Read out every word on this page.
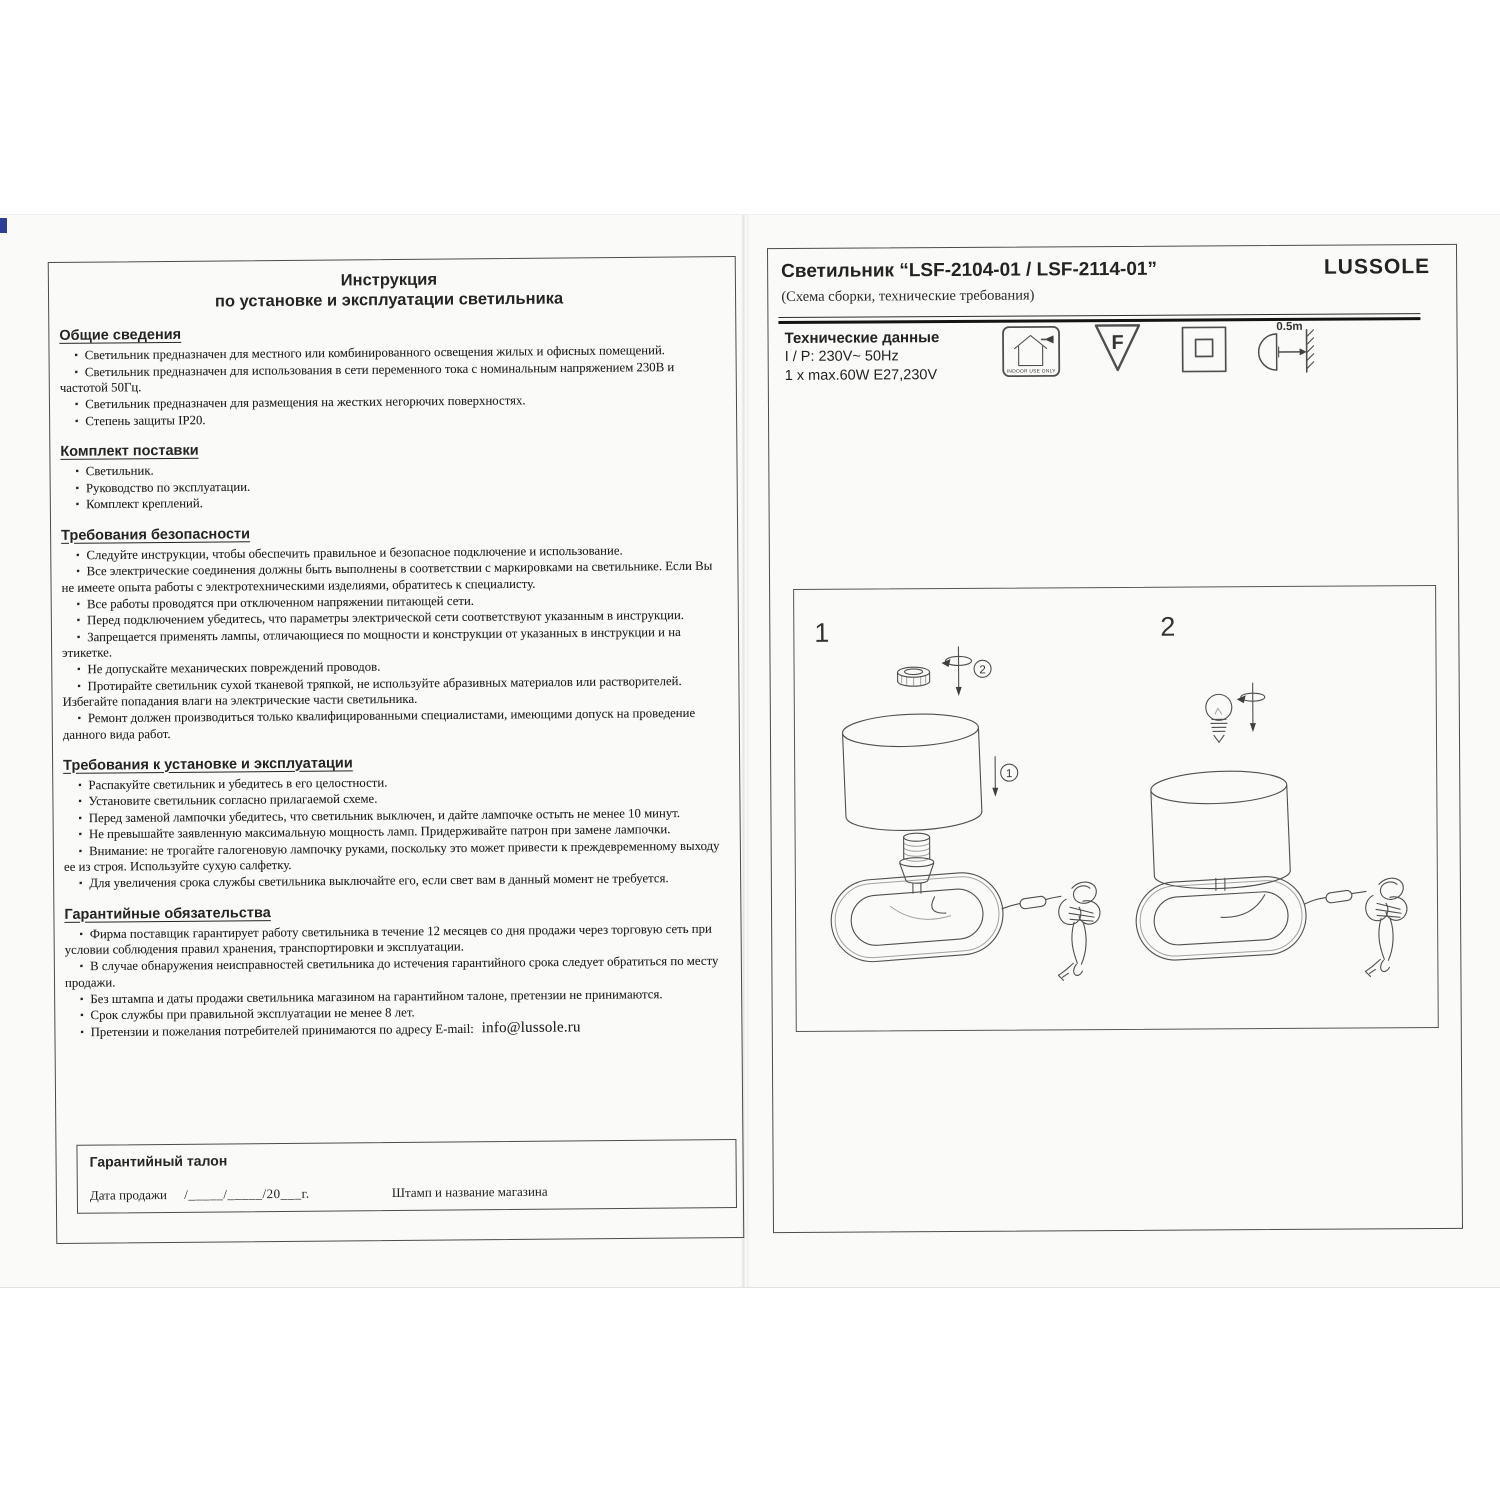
Инструкция
по установке и эксплуатации светильника
Общие сведения
▪ Светильник предназначен для местного или комбинированного освещения жилых и офисных помещений.
▪ Светильник предназначен для использования в сети переменного тока с номинальным напряжением 230В и частотой 50Гц.
▪ Светильник предназначен для размещения на жестких негорючих поверхностях.
▪ Степень защиты IP20.
Комплект поставки
▪ Светильник.
▪ Руководство по эксплуатации.
▪ Комплект креплений.
Требования безопасности
▪ Следуйте инструкции, чтобы обеспечить правильное и безопасное подключение и использование.
▪ Все электрические соединения должны быть выполнены в соответствии с маркировками на светильнике. Если Вы не имеете опыта работы с электротехническими изделиями, обратитесь к специалисту.
▪ Все работы проводятся при отключенном напряжении питающей сети.
▪ Перед подключением убедитесь, что параметры электрической сети соответствуют указанным в инструкции.
▪ Запрещается применять лампы, отличающиеся по мощности и конструкции от указанных в инструкции и на этикетке.
▪ Не допускайте механических повреждений проводов.
▪ Протирайте светильник сухой тканевой тряпкой, не используйте абразивных материалов или растворителей. Избегайте попадания влаги на электрические части светильника.
▪ Ремонт должен производиться только квалифицированными специалистами, имеющими допуск на проведение данного вида работ.
Требования к установке и эксплуатации
▪ Распакуйте светильник и убедитесь в его целостности.
▪ Установите светильник согласно прилагаемой схеме.
▪ Перед заменой лампочки убедитесь, что светильник выключен, и дайте лампочке остыть не менее 10 минут.
▪ Не превышайте заявленную максимальную мощность ламп. Придерживайте патрон при замене лампочки.
▪ Внимание: не трогайте галогеновую лампочку руками, поскольку это может привести к преждевременному выходу ее из строя. Используйте сухую салфетку.
▪ Для увеличения срока службы светильника выключайте его, если свет вам в данный момент не требуется.
Гарантийные обязательства
▪ Фирма поставщик гарантирует работу светильника в течение 12 месяцев со дня продажи через торговую сеть при условии соблюдения правил хранения, транспортировки и эксплуатации.
▪ В случае обнаружения неисправностей светильника до истечения гарантийного срока следует обратиться по месту продажи.
▪ Без штампа и даты продажи светильника магазином на гарантийном талоне, претензии не принимаются.
▪ Срок службы при правильной эксплуатации не менее 8 лет.
▪ Претензии и пожелания потребителей принимаются по адресу E-mail: info@lussole.ru
Гарантийный талон
Дата продажи /_____/_____/20___г.	Штамп и название магазина
Светильник “LSF-2104-01 / LSF-2114-01”	LUSSOLE
(Схема сборки, технические требования)
Технические данные
I / P: 230V~ 50Hz
1 x max.60W E27,230V	INDOOR USE ONLY
F
0.5m
1	2
2
1
